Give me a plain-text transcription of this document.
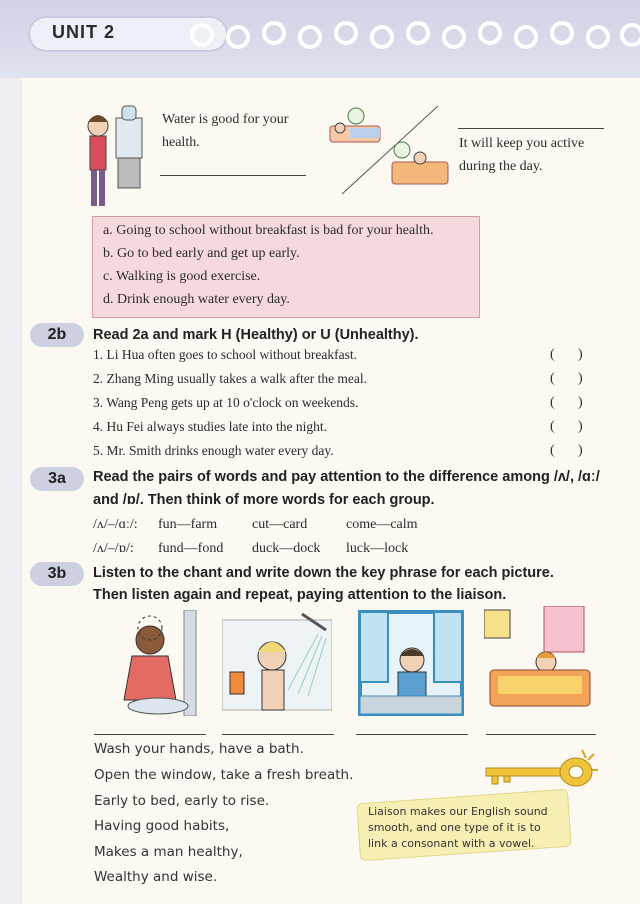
UNIT 2
Water is good for your
health.	It will keep you active
during the day.
a. Going to school without breakfast is bad for your health.
b. Go to bed early and get up early.
c. Walking is good exercise.
d. Drink enough water every day.
2b	Read 2a and mark H (Healthy) or U (Unhealthy).
1. Li Hua often goes to school without breakfast.	( )
2. Zhang Ming usually takes a walk after the meal.	( )
3. Wang Peng gets up at 10 o'clock on weekends.	( )
4. Hu Fei always studies late into the night.	( )
5. Mr. Smith drinks enough water every day.	( )
3a	Read the pairs of words and pay attention to the difference among /ʌ/, /ɑː/
and /ɒ/. Then think of more words for each group.
/ʌ/–/ɑː/: fun—farm cut—card	come—calm
/ʌ/–/ɒ/: fund—fond duck—dock luck—lock
3b	Listen to the chant and write down the key phrase for each picture.
Then listen again and repeat, paying attention to the liaison.
Wash your hands, have a bath.
Open the window, take a fresh breath.
Early to bed, early to rise.
Having good habits,
Makes a man healthy,
Wealthy and wise.
Liaison makes our English sound
smooth, and one type of it is to
link a consonant with a vowel.
